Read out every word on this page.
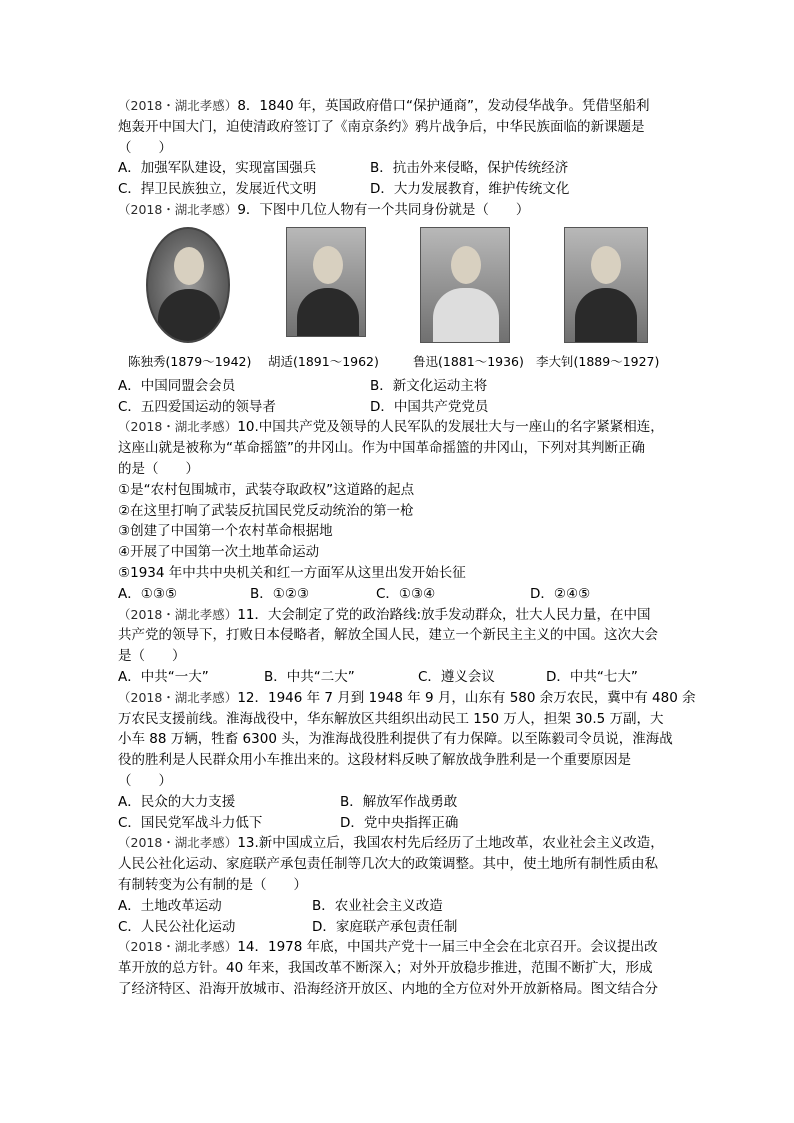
（2018・湖北孝感）8．1840 年，英国政府借口“保护通商”，发动侵华战争。凭借坚船利
炮轰开中国大门，迫使清政府签订了《南京条约》鸦片战争后，中华民族面临的新课题是
（　　）
A．加强军队建设，实现富国强兵	B．抗击外来侵略，保护传统经济
C．捍卫民族独立，发展近代文明	D．大力发展教育，维护传统文化
（2018・湖北孝感）9．下图中几位人物有一个共同身份就是（　　）
陈独秀(1879～1942) 胡适(1891～1962)	鲁迅(1881～1936) 李大钊(1889～1927)
A．中国同盟会会员	B．新文化运动主将
C．五四爱国运动的领导者	D．中国共产党党员
（2018・湖北孝感）10.中国共产党及领导的人民军队的发展壮大与一座山的名字紧紧相连，
这座山就是被称为“革命摇篮”的井冈山。作为中国革命摇篮的井冈山，下列对其判断正确
的是（　　）
①是“农村包围城市，武装夺取政权”这道路的起点
②在这里打响了武装反抗国民党反动统治的第一枪
③创建了中国第一个农村革命根据地
④开展了中国第一次土地革命运动
⑤1934 年中共中央机关和红一方面军从这里出发开始长征
A．①③⑤	B．①②③	C．①③④	D．②④⑤
（2018・湖北孝感）11．大会制定了党的政治路线:放手发动群众，壮大人民力量，在中国
共产党的领导下，打败日本侵略者，解放全国人民，建立一个新民主主义的中国。这次大会
是（　　）
A．中共“一大”	B．中共“二大”	C．遵义会议	D．中共“七大”
（2018・湖北孝感）12．1946 年 7 月到 1948 年 9 月，山东有 580 余万农民，冀中有 480 余
万农民支援前线。淮海战役中，华东解放区共组织出动民工 150 万人，担架 30.5 万副，大
小车 88 万辆，牲畜 6300 头，为淮海战役胜利提供了有力保障。以至陈毅司令员说，淮海战
役的胜利是人民群众用小车推出来的。这段材料反映了解放战争胜利是一个重要原因是
（　　）
A．民众的大力支援	B．解放军作战勇敢
C．国民党军战斗力低下	D．党中央指挥正确
（2018・湖北孝感）13.新中国成立后，我国农村先后经历了土地改革，农业社会主义改造，
人民公社化运动、家庭联产承包责任制等几次大的政策调整。其中，使土地所有制性质由私
有制转变为公有制的是（　　）
A．土地改革运动	B．农业社会主义改造
C．人民公社化运动	D．家庭联产承包责任制
（2018・湖北孝感）14．1978 年底，中国共产党十一届三中全会在北京召开。会议提出改
革开放的总方针。40 年来，我国改革不断深入；对外开放稳步推进，范围不断扩大，形成
了经济特区、沿海开放城市、沿海经济开放区、内地的全方位对外开放新格局。图文结合分
